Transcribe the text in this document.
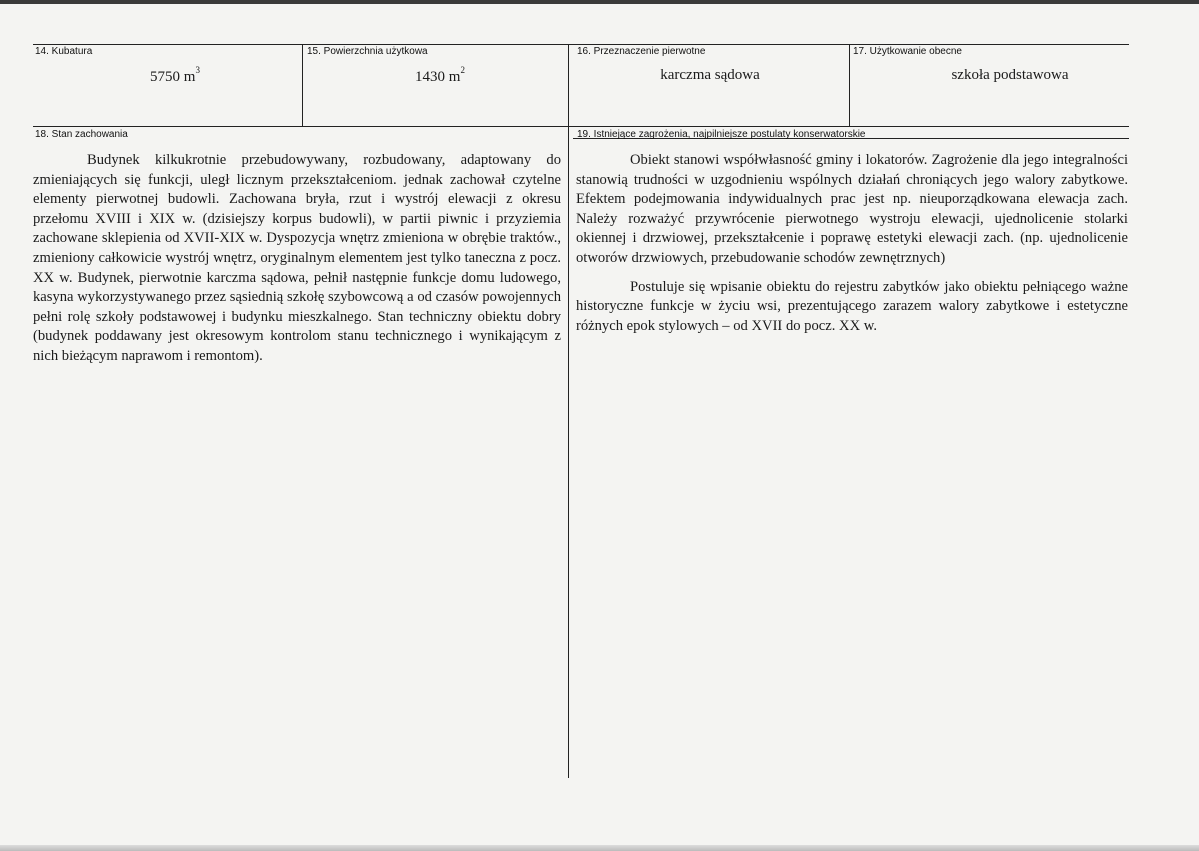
14. Kubatura
5750 $m^3$
15. Powierzchnia użytkowa
1430 $m^2$
16. Przeznaczenie pierwotne
karczma sądowa
17. Użytkowanie obecne
szkoła podstawowa
18. Stan zachowania

Budynek kilkukrotnie przebudowywany, rozbudowany, adaptowany do zmieniających się funkcji, uległ licznym przekształceniom. jednak zachował czytelne elementy pierwotnej budowli. Zachowana bryła, rzut i wystrój elewacji z okresu przełomu XVIII i XIX w. (dzisiejszy korpus budowli), w partii piwnic i przyziemia zachowane sklepienia od XVII-XIX w. Dyspozycja wnętrz zmieniona w obrębie traktów., zmieniony całkowicie wystrój wnętrz, oryginalnym elementem jest tylko taneczna z pocz. XX w. Budynek, pierwotnie karczma sądowa, pełnił następnie funkcje domu ludowego, kasyna wykorzystywanego przez sąsiednią szkołę szybowcową a od czasów powojennych pełni rolę szkoły podstawowej i budynku mieszkalnego. Stan techniczny obiektu dobry (budynek poddawany jest okresowym kontrolom stanu technicznego i wynikającym z nich bieżącym naprawom i remontom).

19. Istniejące zagrożenia, najpilniejsze postulaty konserwatorskie

Obiekt stanowi współwłasność gminy i lokatorów. Zagrożenie dla jego integralności stanowią trudności w uzgodnieniu wspólnych działań chroniących jego walory zabytkowe. Efektem podejmowania indywidualnych prac jest np. nieuporządkowana elewacja zach. Należy rozważyć przywrócenie pierwotnego wystroju elewacji, ujednolicenie stolarki okiennej i drzwiowej, przekształcenie i poprawę estetyki elewacji zach. (np. ujednolicenie otworów drzwiowych, przebudowanie schodów zewnętrznych)

Postuluje się wpisanie obiektu do rejestru zabytków jako obiektu pełniącego ważne historyczne funkcje w życiu wsi, prezentującego zarazem walory zabytkowe i estetyczne różnych epok stylowych – od XVII do pocz. XX w.
